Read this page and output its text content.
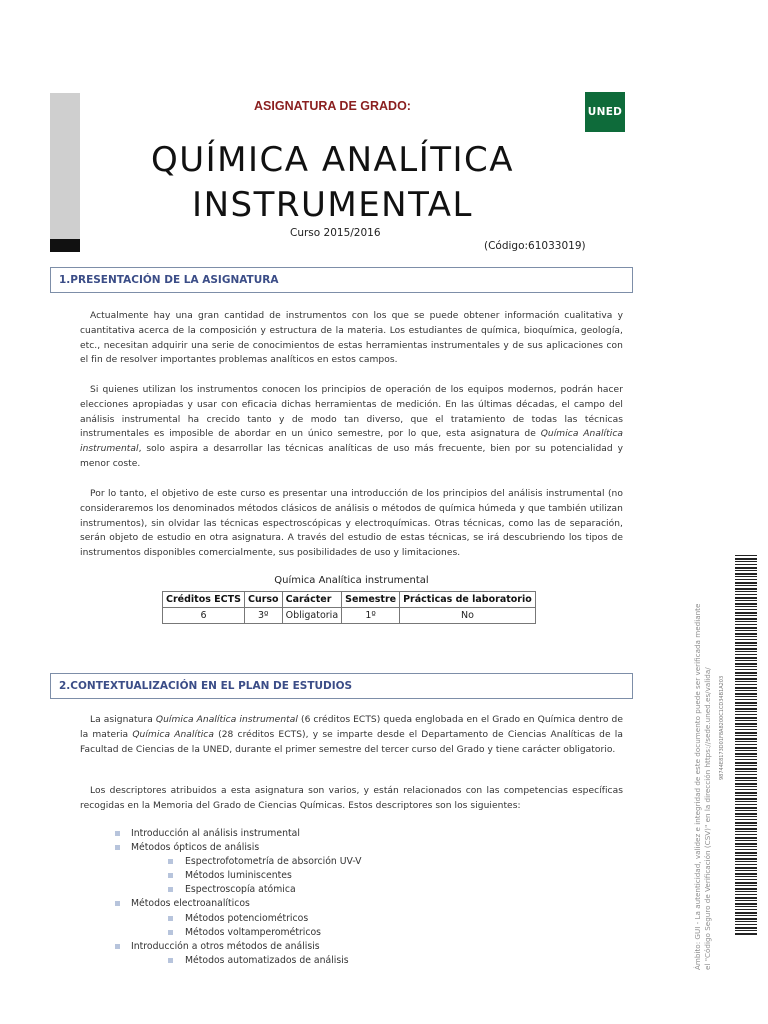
ASIGNATURA DE GRADO:	UNED
QUÍMICA ANALÍTICA
INSTRUMENTAL
Curso 2015/2016
(Código:61033019)
1.PRESENTACIÓN DE LA ASIGNATURA
Actualmente hay una gran cantidad de instrumentos con los que se puede obtener información cualitativa y cuantitativa acerca de la composición y estructura de la materia. Los estudiantes de química, bioquímica, geología, etc., necesitan adquirir una serie de conocimientos de estas herramientas instrumentales y de sus aplicaciones con el fin de resolver importantes problemas analíticos en estos campos.
Si quienes utilizan los instrumentos conocen los principios de operación de los equipos modernos, podrán hacer elecciones apropiadas y usar con eficacia dichas herramientas de medición. En las últimas décadas, el campo del análisis instrumental ha crecido tanto y de modo tan diverso, que el tratamiento de todas las técnicas instrumentales es imposible de abordar en un único semestre, por lo que, esta asignatura de Química Analítica instrumental, solo aspira a desarrollar las técnicas analíticas de uso más frecuente, bien por su potencialidad y menor coste.
Por lo tanto, el objetivo de este curso es presentar una introducción de los principios del análisis instrumental (no consideraremos los denominados métodos clásicos de análisis o métodos de química húmeda y que también utilizan instrumentos), sin olvidar las técnicas espectroscópicas y electroquímicas. Otras técnicas, como las de separación, serán objeto de estudio en otra asignatura. A través del estudio de estas técnicas, se irá descubriendo los tipos de instrumentos disponibles comercialmente, sus posibilidades de uso y limitaciones.
Química Analítica instrumental
Créditos ECTS	Curso	Carácter	Semestre	Prácticas de laboratorio
6	3º	Obligatoria	1º	No
2.CONTEXTUALIZACIÓN EN EL PLAN DE ESTUDIOS
La asignatura Química Analítica instrumental (6 créditos ECTS) queda englobada en el Grado en Química dentro de la materia Química Analítica (28 créditos ECTS), y se imparte desde el Departamento de Ciencias Analíticas de la Facultad de Ciencias de la UNED, durante el primer semestre del tercer curso del Grado y tiene carácter obligatorio.
Los descriptores atribuidos a esta asignatura son varios, y están relacionados con las competencias específicas recogidas en la Memoria del Grado de Ciencias Químicas. Estos descriptores son los siguientes:
Introducción al análisis instrumental
Métodos ópticos de análisis
Espectrofotometría de absorción UV-V
Métodos luminiscentes
Espectroscopía atómica
Métodos electroanalíticos
Métodos potenciométricos
Métodos voltamperométricos
Introducción a otros métodos de análisis
Métodos automatizados de análisis	Ámbito: GUI - La autenticidad, validez e integridad de este documento puede ser verificada mediante el "Código Seguro de Verificación (CSV)" en la dirección https://sede.uned.es/valida/ 98744E8173D01F8A8200C1CD34B1A203
